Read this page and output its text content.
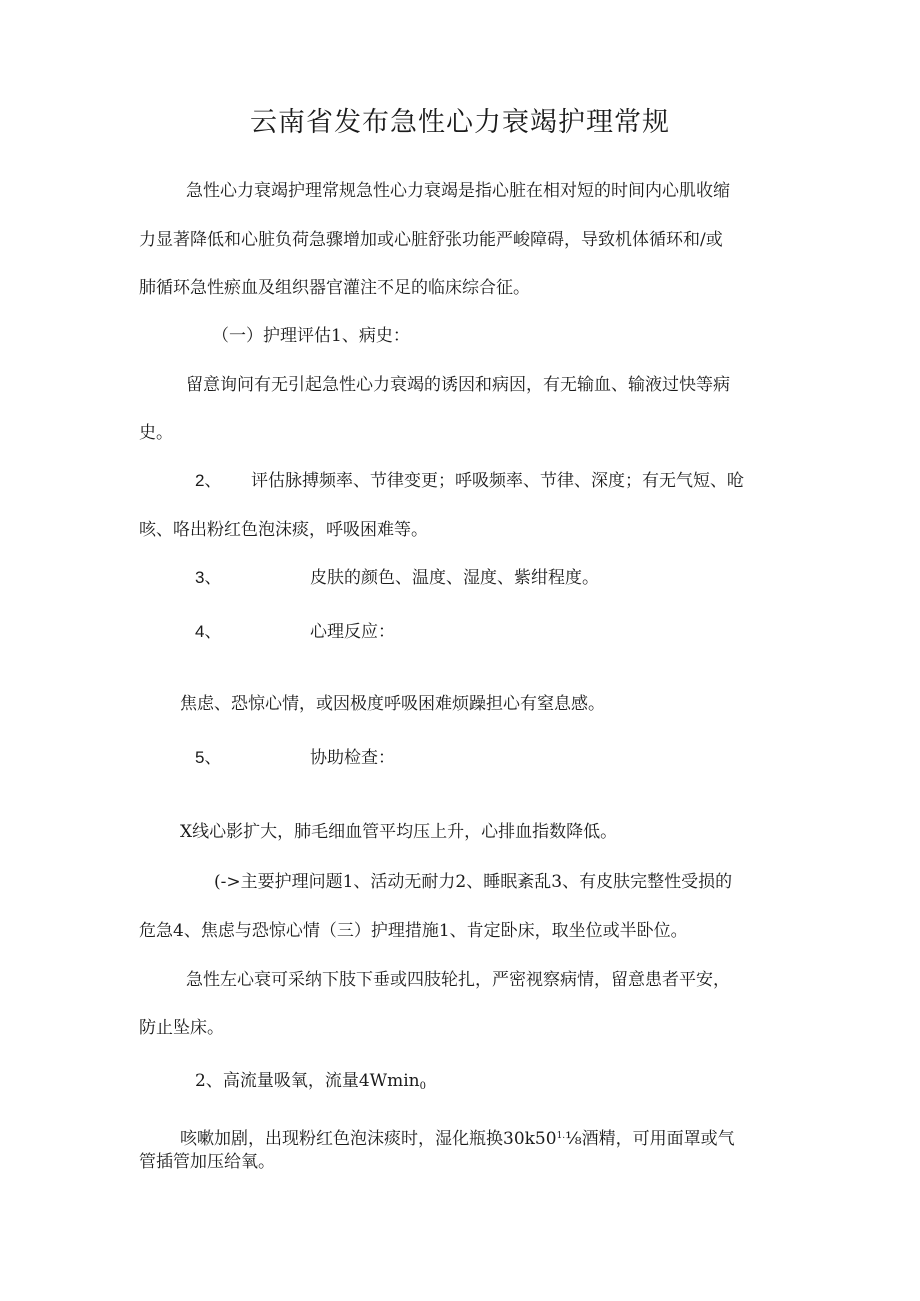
云南省发布急性心力衰竭护理常规
急性心力衰竭护理常规急性心力衰竭是指心脏在相对短的时间内心肌收缩
力显著降低和心脏负荷急骤增加或心脏舒张功能严峻障碍，导致机体循环和/或
肺循环急性瘀血及组织器官灌注不足的临床综合征。
（一）护理评估1、病史：
留意询问有无引起急性心力衰竭的诱因和病因，有无输血、输液过快等病
史。
2、 评估脉搏频率、节律变更；呼吸频率、节律、深度；有无气短、呛
咳、咯出粉红色泡沫痰，呼吸困难等。
3、	皮肤的颜色、温度、湿度、紫绀程度。
4、	心理反应：
焦虑、恐惊心情，或因极度呼吸困难烦躁担心有窒息感。
5、	协助检查：
X线心影扩大，肺毛细血管平均压上升，心排血指数降低。
(->主要护理问题1、活动无耐力2、睡眠紊乱3、有皮肤完整性受损的
危急4、焦虑与恐惊心情（三）护理措施1、肯定卧床，取坐位或半卧位。
急性左心衰可采纳下肢下垂或四肢轮扎，严密视察病情，留意患者平安，
防止坠床。
2、高流量吸氧，流量4Wmin$_0$
咳嗽加剧，出现粉红色泡沫痰时，湿化瓶换$30k50^{1.}\frac{1}{8}$酒精，可用面罩或气
管插管加压给氧。
